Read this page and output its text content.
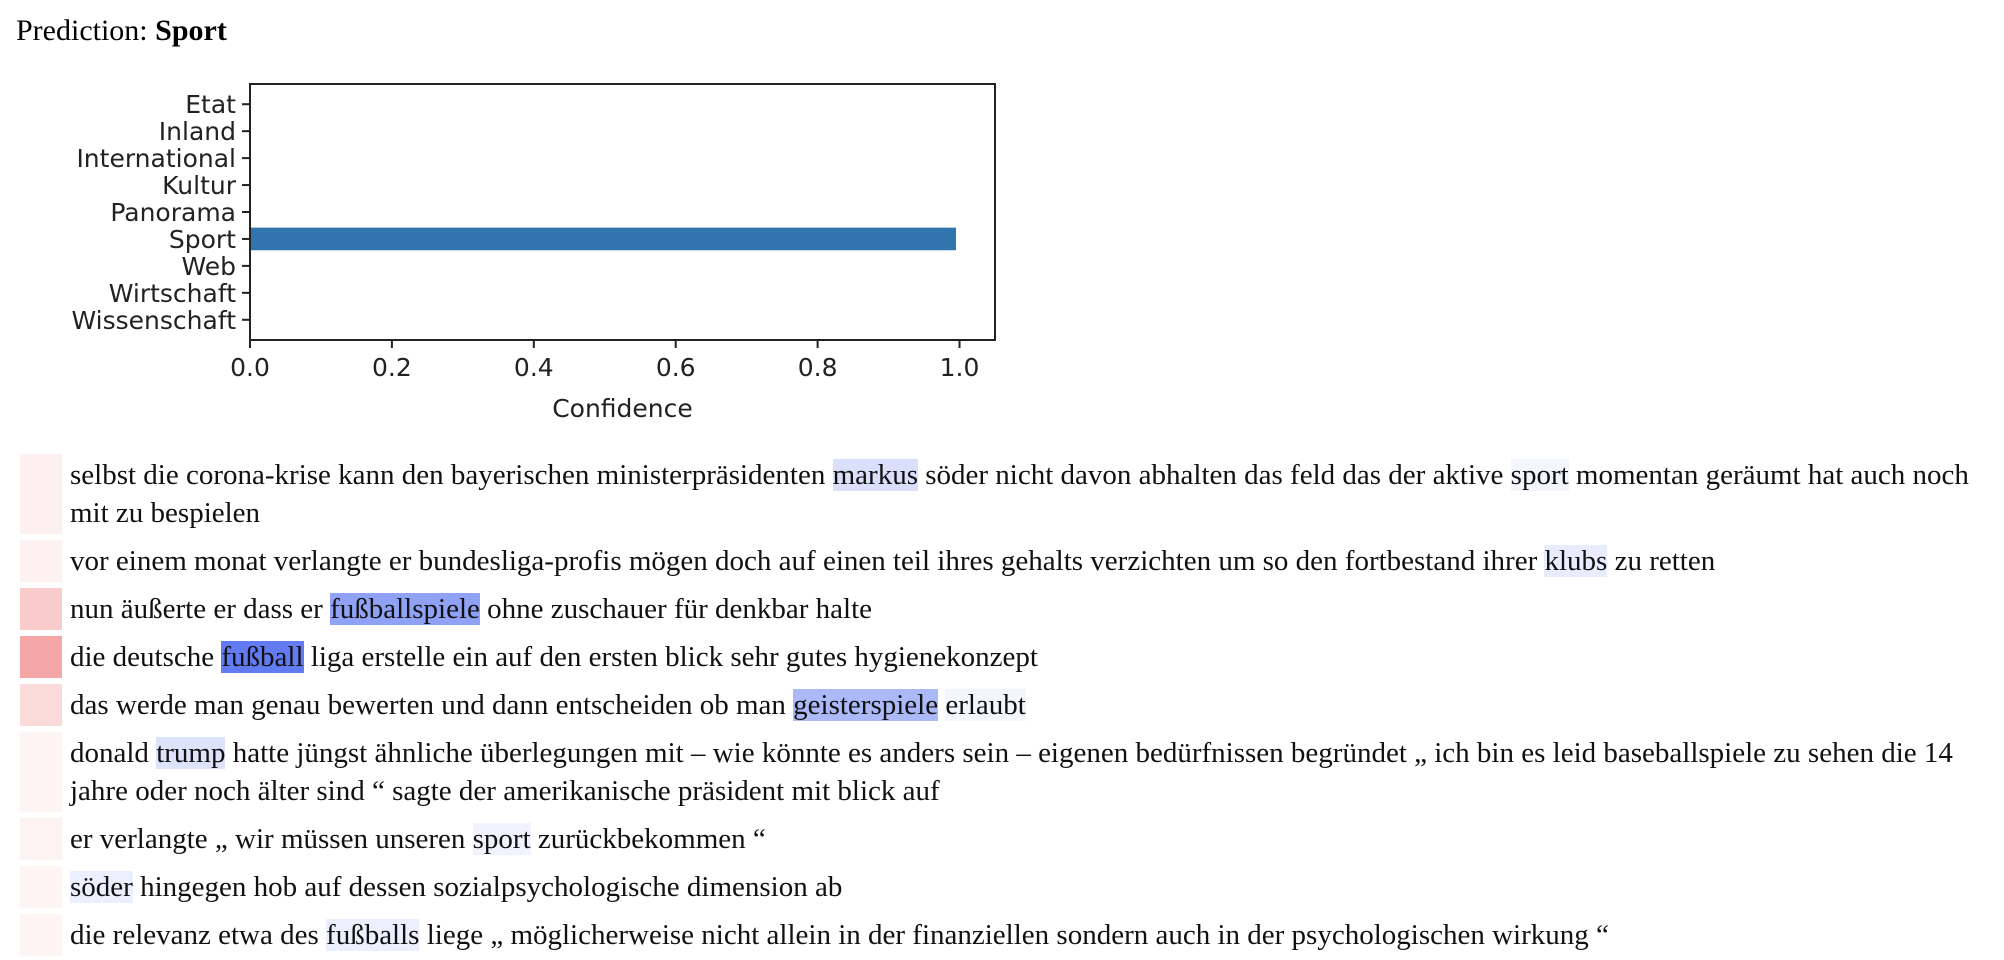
Prediction: Sport
Etat
Inland
International
Kultur
Panorama
Sport
Web
Wirtschaft
Wissenschaft
0.0	0.2	0.4	0.6	0.8	1.0
Confidence
selbst die corona-krise kann den bayerischen ministerpräsidenten markus söder nicht davon abhalten das feld das der aktive sport momentan geräumt hat auch noch mit zu bespielen
vor einem monat verlangte er bundesliga-profis mögen doch auf einen teil ihres gehalts verzichten um so den fortbestand ihrer klubs zu retten
nun äußerte er dass er fußballspiele ohne zuschauer für denkbar halte
die deutsche fußball liga erstelle ein auf den ersten blick sehr gutes hygienekonzept
das werde man genau bewerten und dann entscheiden ob man geisterspiele erlaubt
donald trump hatte jüngst ähnliche überlegungen mit – wie könnte es anders sein – eigenen bedürfnissen begründet „ ich bin es leid baseballspiele zu sehen die 14 jahre oder noch älter sind “ sagte der amerikanische präsident mit blick auf
er verlangte „ wir müssen unseren sport zurückbekommen “
söder hingegen hob auf dessen sozialpsychologische dimension ab
die relevanz etwa des fußballs liege „ möglicherweise nicht allein in der finanziellen sondern auch in der psychologischen wirkung “
